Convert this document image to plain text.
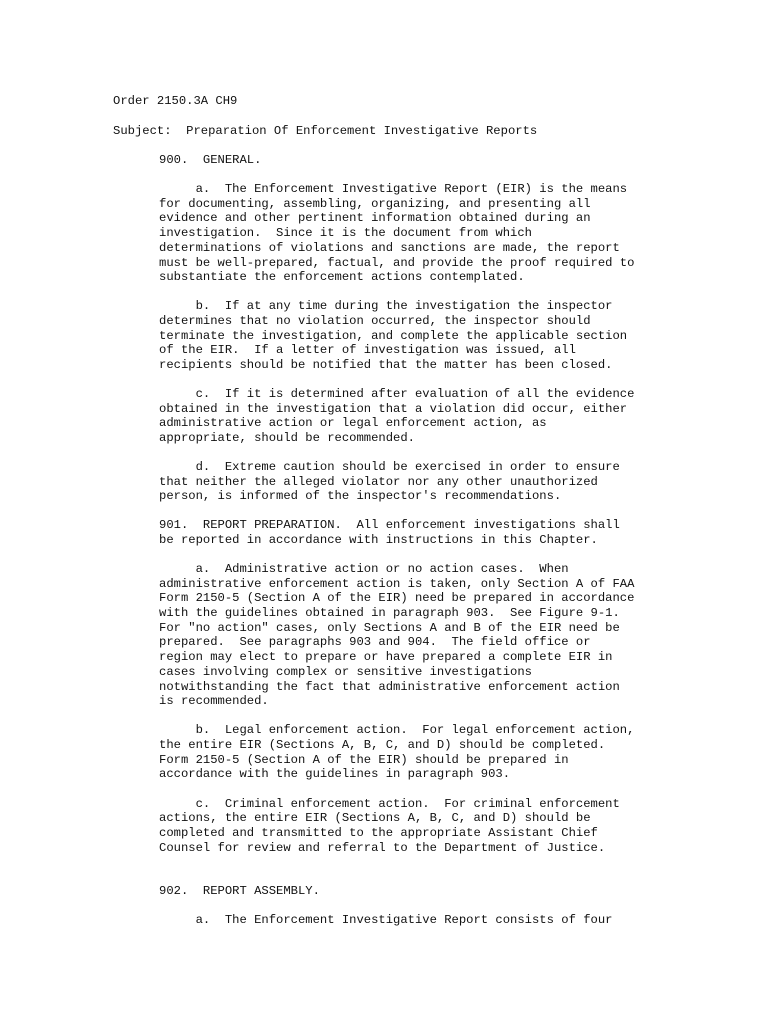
Order 2150.3A CH9
Subject:  Preparation Of Enforcement Investigative Reports
900.  GENERAL.
a.  The Enforcement Investigative Report (EIR) is the means
for documenting, assembling, organizing, and presenting all
evidence and other pertinent information obtained during an
investigation.  Since it is the document from which
determinations of violations and sanctions are made, the report
must be well-prepared, factual, and provide the proof required to
substantiate the enforcement actions contemplated.
b.  If at any time during the investigation the inspector
determines that no violation occurred, the inspector should
terminate the investigation, and complete the applicable section
of the EIR.  If a letter of investigation was issued, all
recipients should be notified that the matter has been closed.
c.  If it is determined after evaluation of all the evidence
obtained in the investigation that a violation did occur, either
administrative action or legal enforcement action, as
appropriate, should be recommended.
d.  Extreme caution should be exercised in order to ensure
that neither the alleged violator nor any other unauthorized
person, is informed of the inspector's recommendations.
901.  REPORT PREPARATION.  All enforcement investigations shall
be reported in accordance with instructions in this Chapter.
a.  Administrative action or no action cases.  When
administrative enforcement action is taken, only Section A of FAA
Form 2150-5 (Section A of the EIR) need be prepared in accordance
with the guidelines obtained in paragraph 903.  See Figure 9-1.
For "no action" cases, only Sections A and B of the EIR need be
prepared.  See paragraphs 903 and 904.  The field office or
region may elect to prepare or have prepared a complete EIR in
cases involving complex or sensitive investigations
notwithstanding the fact that administrative enforcement action
is recommended.
b.  Legal enforcement action.  For legal enforcement action,
the entire EIR (Sections A, B, C, and D) should be completed.
Form 2150-5 (Section A of the EIR) should be prepared in
accordance with the guidelines in paragraph 903.
c.  Criminal enforcement action.  For criminal enforcement
actions, the entire EIR (Sections A, B, C, and D) should be
completed and transmitted to the appropriate Assistant Chief
Counsel for review and referral to the Department of Justice.
902.  REPORT ASSEMBLY.
a.  The Enforcement Investigative Report consists of four
